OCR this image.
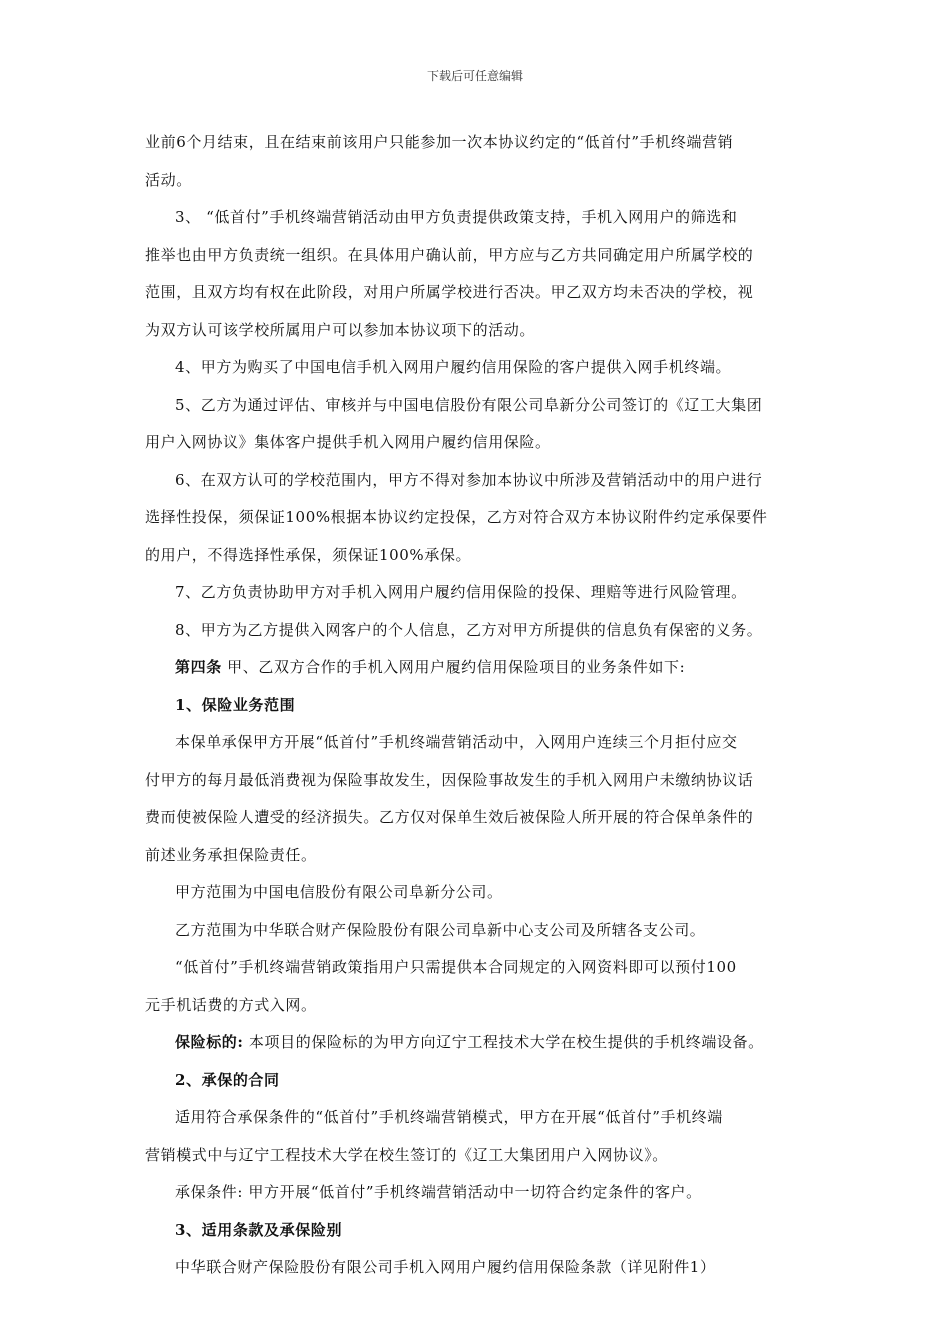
下载后可任意编辑
业前6个月结束，且在结束前该用户只能参加一次本协议约定的“低首付”手机终端营销
活动。
3、 “低首付”手机终端营销活动由甲方负责提供政策支持，手机入网用户的筛选和
推举也由甲方负责统一组织。在具体用户确认前，甲方应与乙方共同确定用户所属学校的
范围，且双方均有权在此阶段，对用户所属学校进行否决。甲乙双方均未否决的学校，视
为双方认可该学校所属用户可以参加本协议项下的活动。
4、甲方为购买了中国电信手机入网用户履约信用保险的客户提供入网手机终端。
5、乙方为通过评估、审核并与中国电信股份有限公司阜新分公司签订的《辽工大集团
用户入网协议》集体客户提供手机入网用户履约信用保险。
6、在双方认可的学校范围内，甲方不得对参加本协议中所涉及营销活动中的用户进行
选择性投保，须保证100%根据本协议约定投保，乙方对符合双方本协议附件约定承保要件
的用户，不得选择性承保，须保证100%承保。
7、乙方负责协助甲方对手机入网用户履约信用保险的投保、理赔等进行风险管理。
8、甲方为乙方提供入网客户的个人信息，乙方对甲方所提供的信息负有保密的义务。
第四条 甲、乙双方合作的手机入网用户履约信用保险项目的业务条件如下:
1、保险业务范围
本保单承保甲方开展“低首付”手机终端营销活动中，入网用户连续三个月拒付应交
付甲方的每月最低消费视为保险事故发生，因保险事故发生的手机入网用户未缴纳协议话
费而使被保险人遭受的经济损失。乙方仅对保单生效后被保险人所开展的符合保单条件的
前述业务承担保险责任。
甲方范围为中国电信股份有限公司阜新分公司。
乙方范围为中华联合财产保险股份有限公司阜新中心支公司及所辖各支公司。
“低首付”手机终端营销政策指用户只需提供本合同规定的入网资料即可以预付100
元手机话费的方式入网。
保险标的: 本项目的保险标的为甲方向辽宁工程技术大学在校生提供的手机终端设备。
2、承保的合同
适用符合承保条件的“低首付”手机终端营销模式，甲方在开展“低首付”手机终端
营销模式中与辽宁工程技术大学在校生签订的《辽工大集团用户入网协议》。
承保条件: 甲方开展“低首付”手机终端营销活动中一切符合约定条件的客户。
3、适用条款及承保险别
中华联合财产保险股份有限公司手机入网用户履约信用保险条款（详见附件1）
